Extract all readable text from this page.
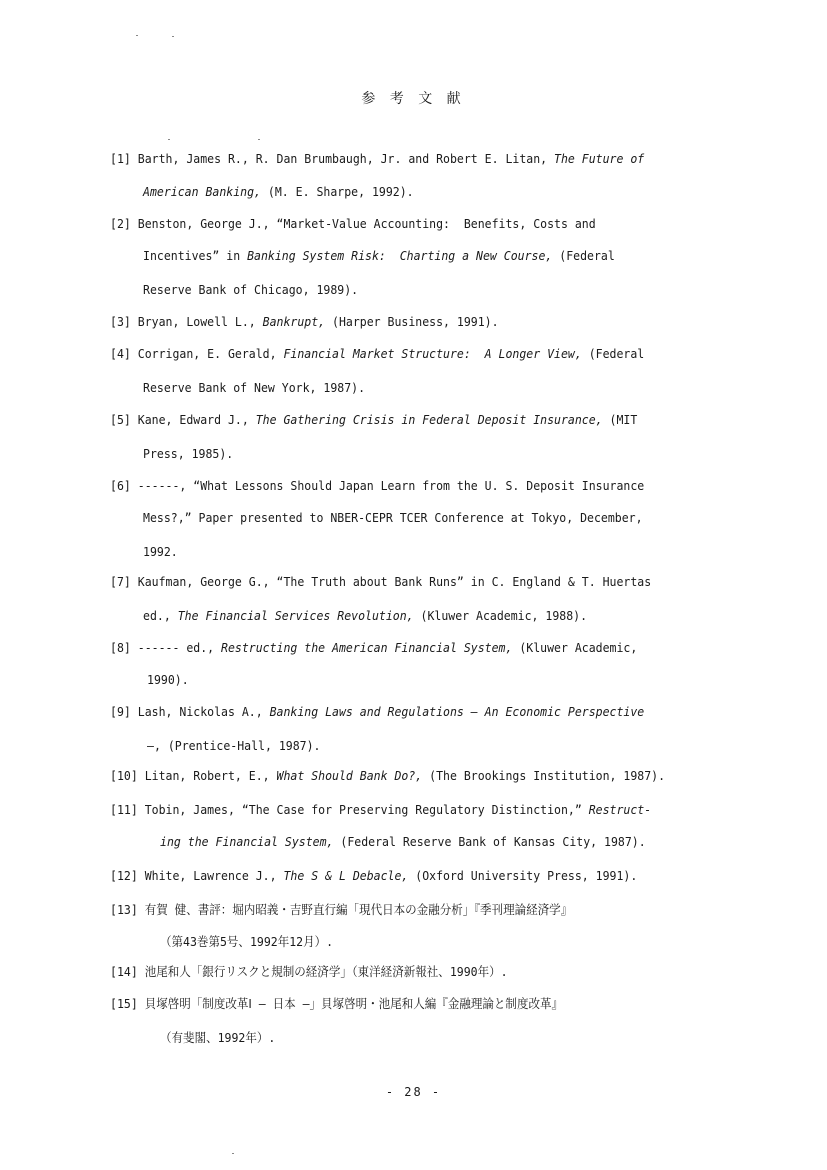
参 考 文 献
[1] Barth, James R., R. Dan Brumbaugh, Jr. and Robert E. Litan, The Future of
American Banking, (M. E. Sharpe, 1992).
[2] Benston, George J., “Market-Value Accounting:  Benefits, Costs and
Incentives” in Banking System Risk:  Charting a New Course, (Federal
Reserve Bank of Chicago, 1989).
[3] Bryan, Lowell L., Bankrupt, (Harper Business, 1991).
[4] Corrigan, E. Gerald, Financial Market Structure:  A Longer View, (Federal
Reserve Bank of New York, 1987).
[5] Kane, Edward J., The Gathering Crisis in Federal Deposit Insurance, (MIT
Press, 1985).
[6] ------, “What Lessons Should Japan Learn from the U. S. Deposit Insurance
Mess?,” Paper presented to NBER-CEPR TCER Conference at Tokyo, December,
1992.
[7] Kaufman, George G., “The Truth about Bank Runs” in C. England & T. Huertas
ed., The Financial Services Revolution, (Kluwer Academic, 1988).
[8] ------ ed., Restructing the American Financial System, (Kluwer Academic,
1990).
[9] Lash, Nickolas A., Banking Laws and Regulations — An Economic Perspective
—, (Prentice-Hall, 1987).
[10] Litan, Robert, E., What Should Bank Do?, (The Brookings Institution, 1987).
[11] Tobin, James, “The Case for Preserving Regulatory Distinction,” Restruct-
ing the Financial System, (Federal Reserve Bank of Kansas City, 1987).
[12] White, Lawrence J., The S & L Debacle, (Oxford University Press, 1991).
[13] 有賀 健、書評：堀内昭義・吉野直行編「現代日本の金融分析」『季刊理論経済学』
（第43巻第5号、1992年12月）.
[14] 池尾和人「銀行リスクと規制の経済学」（東洋経済新報社、1990年）.
[15] 貝塚啓明「制度改革Ⅰ — 日本 —」貝塚啓明・池尾和人編『金融理論と制度改革』
（有斐閣、1992年）.
- 28 -
